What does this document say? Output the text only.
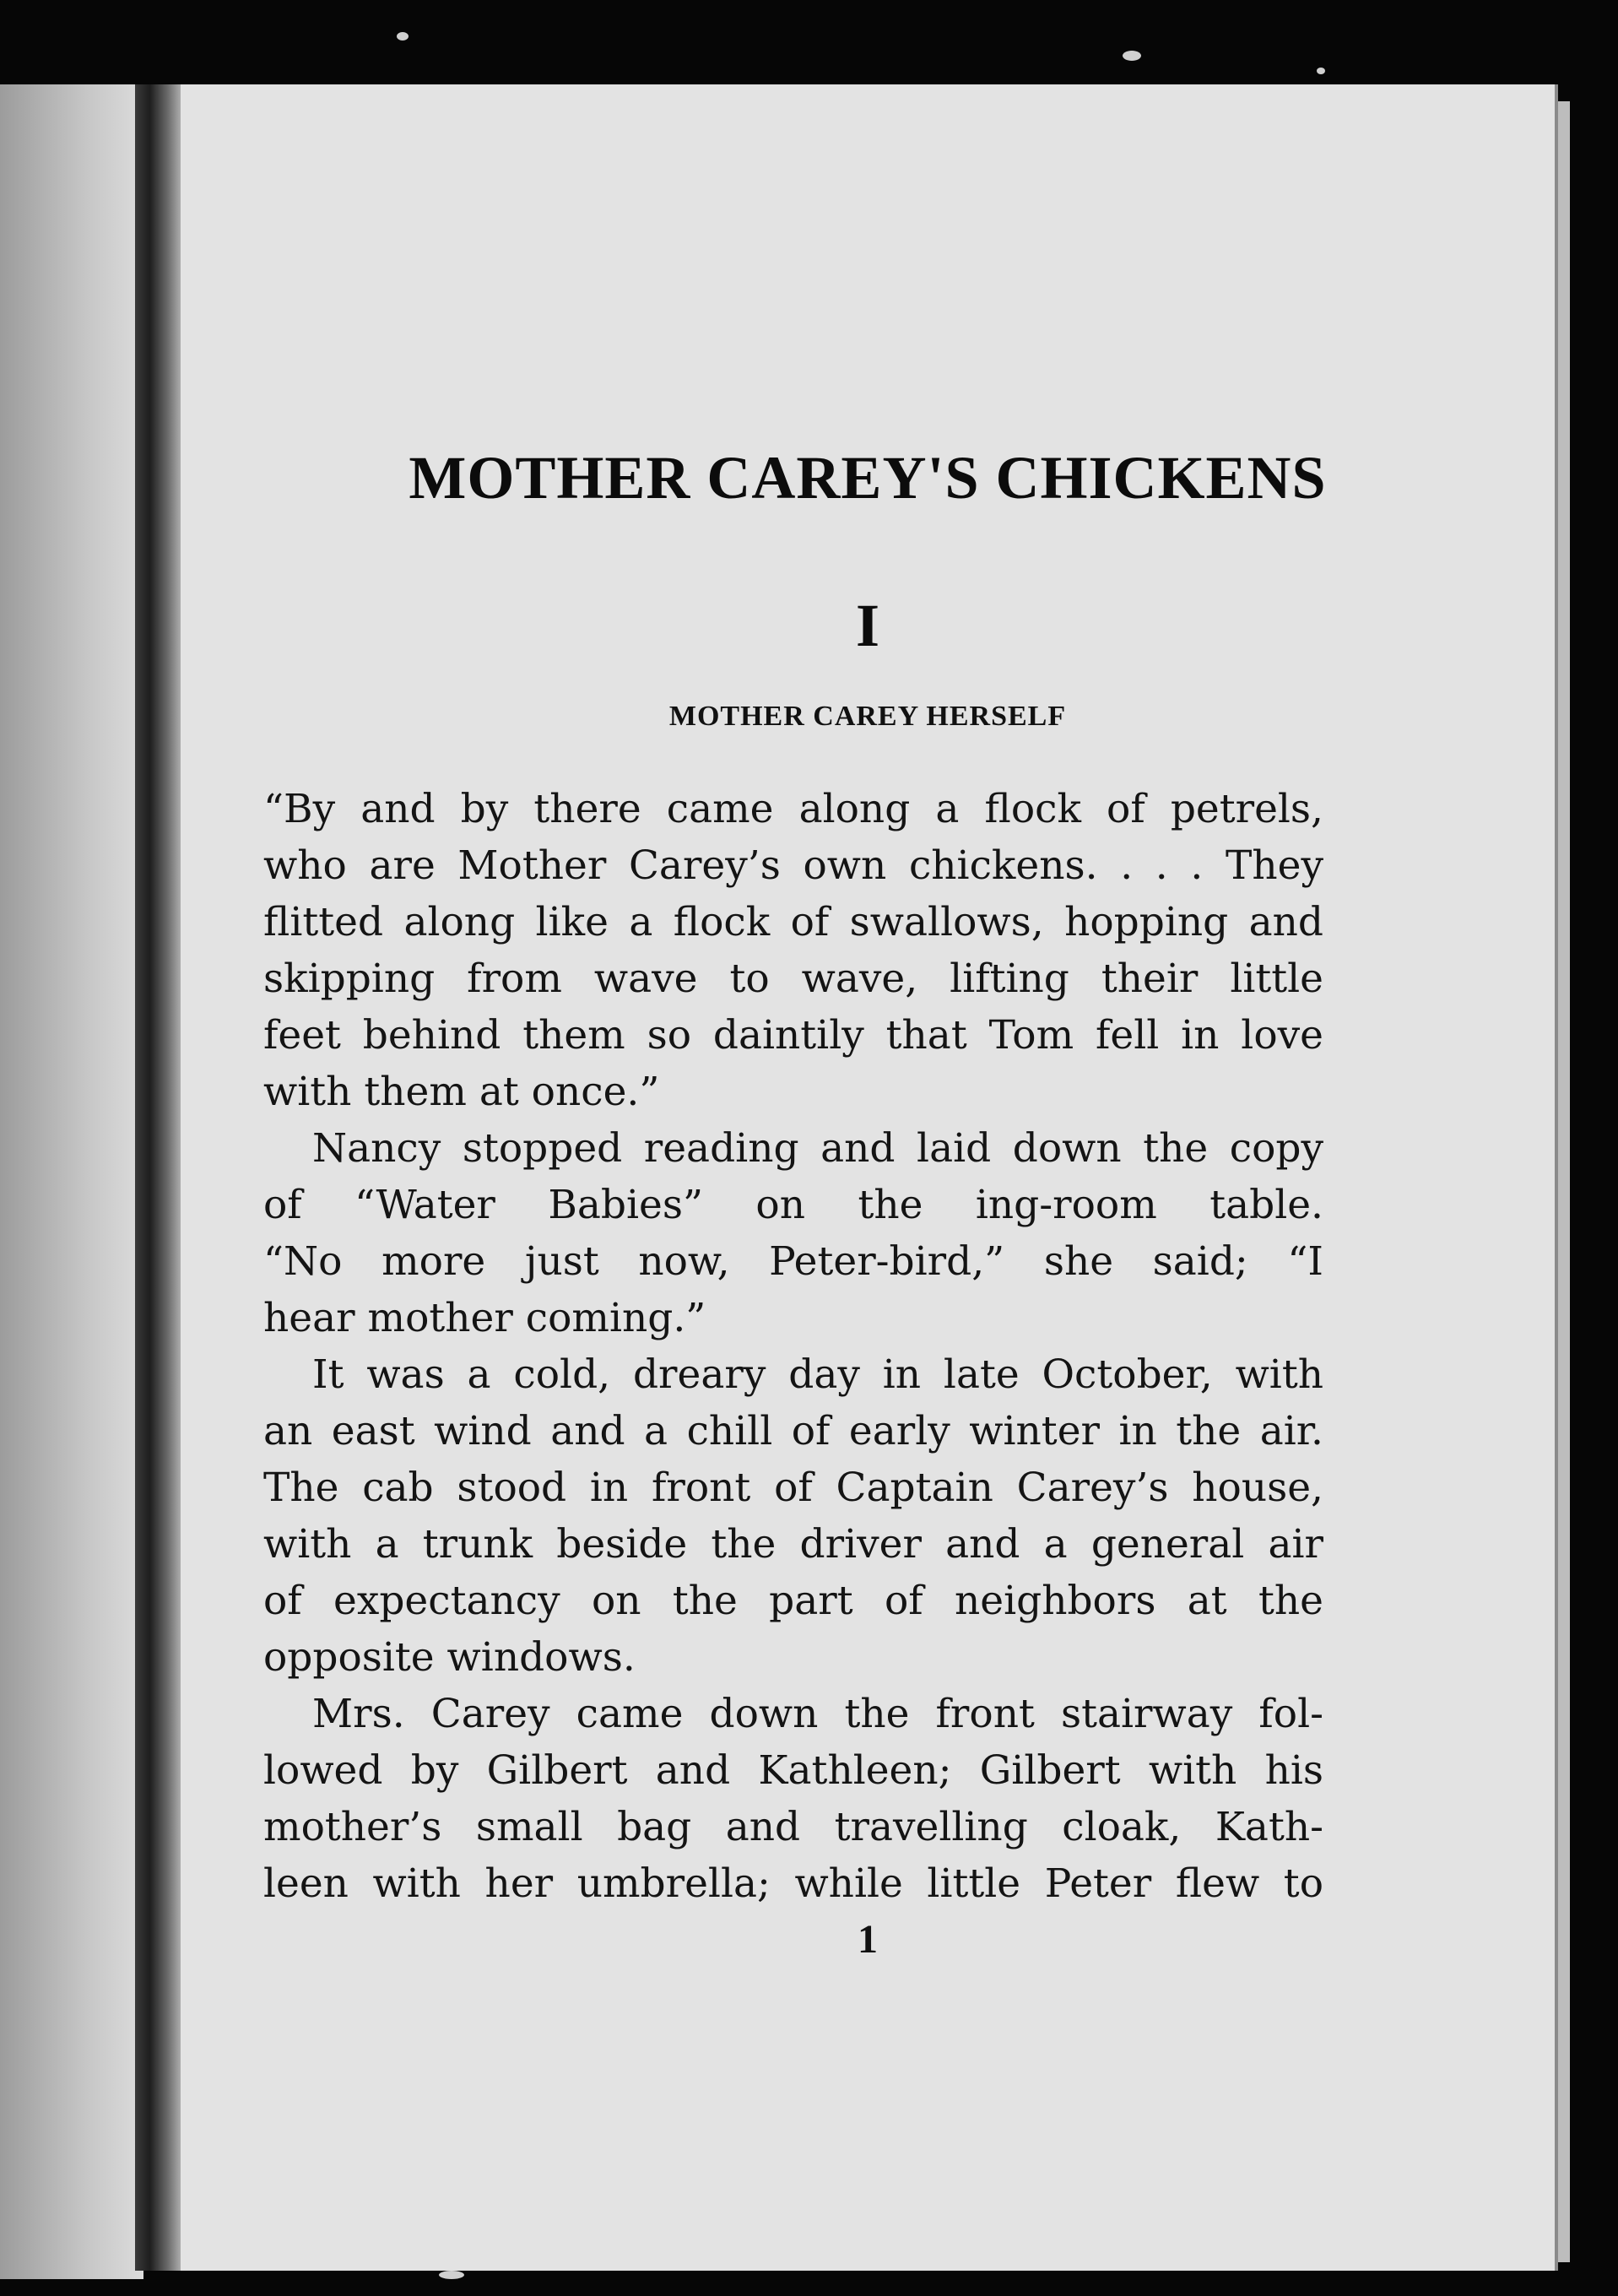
MOTHER CAREY'S CHICKENS
I
MOTHER CAREY HERSELF
“By and by there came along a flock of petrels,
who are Mother Carey’s own chickens. . . . They
flitted along like a flock of swallows, hopping and
skipping from wave to wave, lifting their little
feet behind them so daintily that Tom fell in love
with them at once.”
Nancy stopped reading and laid down the copy
of “Water Babies” on the ing-room table.
“No more just now, Peter-bird,” she said; “I
hear mother coming.”
It was a cold, dreary day in late October, with
an east wind and a chill of early winter in the air.
The cab stood in front of Captain Carey’s house,
with a trunk beside the driver and a general air
of expectancy on the part of neighbors at the
opposite windows.
Mrs. Carey came down the front stairway fol-
lowed by Gilbert and Kathleen; Gilbert with his
mother’s small bag and travelling cloak, Kath-
leen with her umbrella; while little Peter flew to
1
